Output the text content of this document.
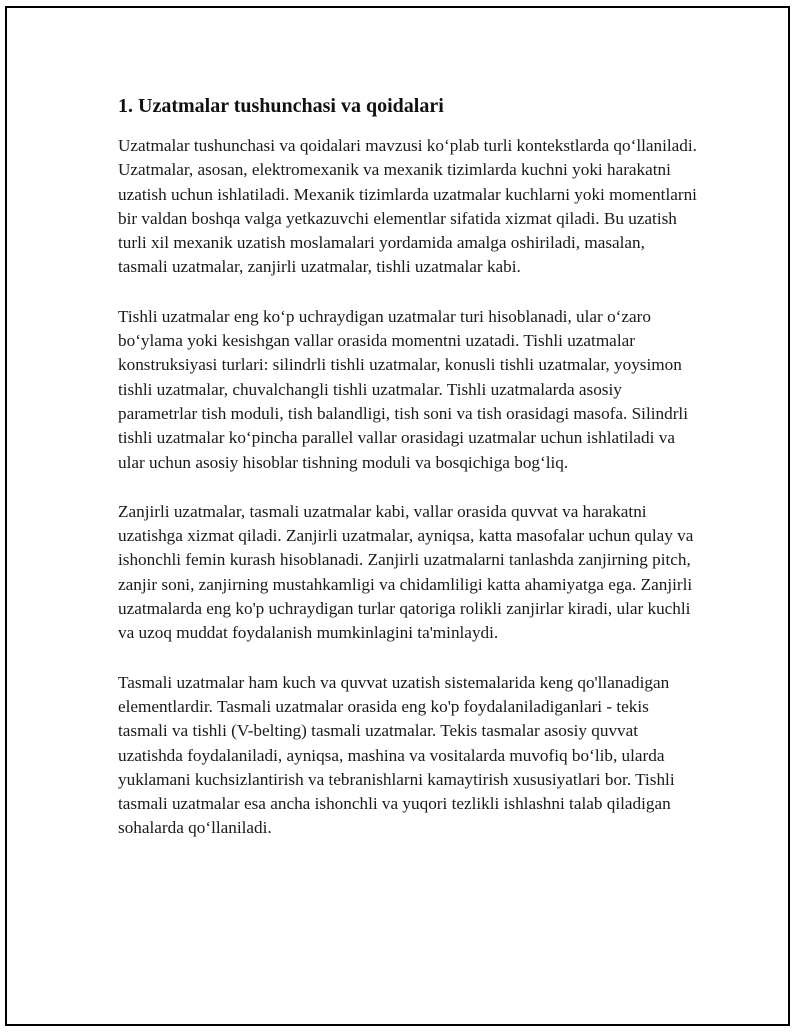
1. Uzatmalar tushunchasi va qoidalari

Uzatmalar tushunchasi va qoidalari mavzusi ko‘plab turli kontekstlarda qo‘llaniladi. Uzatmalar, asosan, elektromexanik va mexanik tizimlarda kuchni yoki harakatni uzatish uchun ishlatiladi. Mexanik tizimlarda uzatmalar kuchlarni yoki momentlarni bir valdan boshqa valga yetkazuvchi elementlar sifatida xizmat qiladi. Bu uzatish turli xil mexanik uzatish moslamalari yordamida amalga oshiriladi, masalan, tasmali uzatmalar, zanjirli uzatmalar, tishli uzatmalar kabi.

Tishli uzatmalar eng ko‘p uchraydigan uzatmalar turi hisoblanadi, ular o‘zaro bo‘ylama yoki kesishgan vallar orasida momentni uzatadi. Tishli uzatmalar konstruksiyasi turlari: silindrli tishli uzatmalar, konusli tishli uzatmalar, yoysimon tishli uzatmalar, chuvalchangli tishli uzatmalar. Tishli uzatmalarda asosiy parametrlar tish moduli, tish balandligi, tish soni va tish orasidagi masofa. Silindrli tishli uzatmalar ko‘pincha parallel vallar orasidagi uzatmalar uchun ishlatiladi va ular uchun asosiy hisoblar tishning moduli va bosqichiga bog‘liq.

Zanjirli uzatmalar, tasmali uzatmalar kabi, vallar orasida quvvat va harakatni uzatishga xizmat qiladi. Zanjirli uzatmalar, ayniqsa, katta masofalar uchun qulay va ishonchli femin kurash hisoblanadi. Zanjirli uzatmalarni tanlashda zanjirning pitch, zanjir soni, zanjirning mustahkamligi va chidamliligi katta ahamiyatga ega. Zanjirli uzatmalarda eng ko'p uchraydigan turlar qatoriga rolikli zanjirlar kiradi, ular kuchli va uzoq muddat foydalanish mumkinlagini ta'minlaydi.

Tasmali uzatmalar ham kuch va quvvat uzatish sistemalarida keng qo'llanadigan elementlardir. Tasmali uzatmalar orasida eng ko'p foydalaniladiganlari - tekis tasmali va tishli (V-belting) tasmali uzatmalar. Tekis tasmalar asosiy quvvat uzatishda foydalaniladi, ayniqsa, mashina va vositalarda muvofiq bo‘lib, ularda yuklamani kuchsizlantirish va tebranishlarni kamaytirish xususiyatlari bor. Tishli tasmali uzatmalar esa ancha ishonchli va yuqori tezlikli ishlashni talab qiladigan sohalarda qo‘llaniladi.
